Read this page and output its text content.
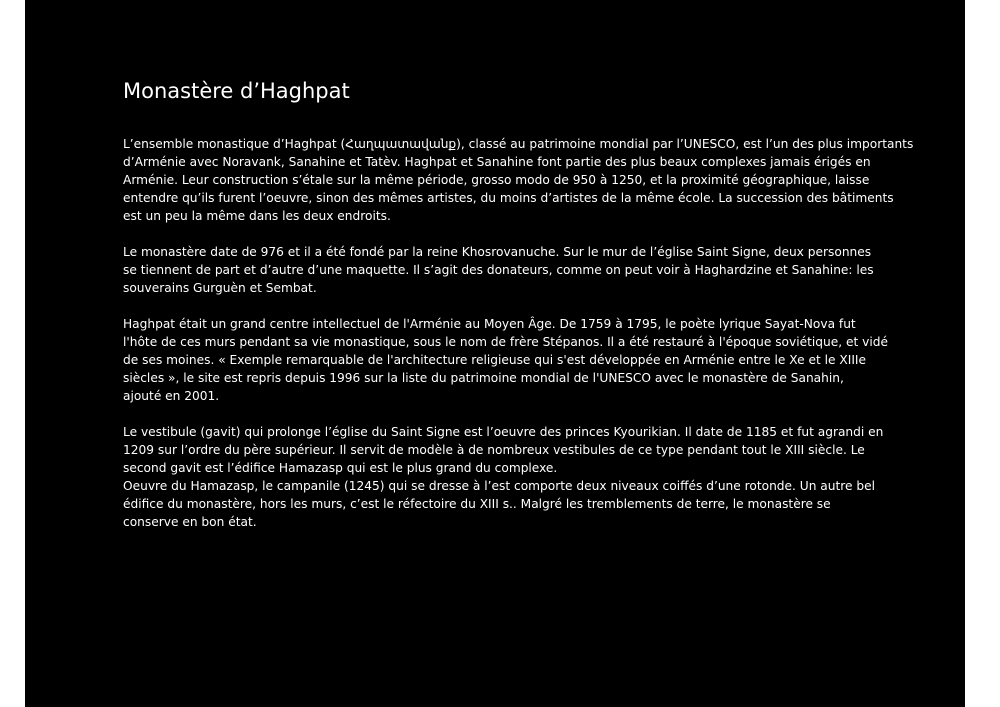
Monastère d’Haghpat
L’ensemble monastique d’Haghpat (Հաղպատավանք), classé au patrimoine mondial par l’UNESCO, est l’un des plus importants
d’Arménie avec Noravank, Sanahine et Tatèv. Haghpat et Sanahine font partie des plus beaux complexes jamais érigés en
Arménie. Leur construction s’étale sur la même période, grosso modo de 950 à 1250, et la proximité géographique, laisse
entendre qu’ils furent l’oeuvre, sinon des mêmes artistes, du moins d’artistes de la même école. La succession des bâtiments
est un peu la même dans les deux endroits.
Le monastère date de 976 et il a été fondé par la reine Khosrovanuche. Sur le mur de l’église Saint Signe, deux personnes
se tiennent de part et d’autre d’une maquette. Il s’agit des donateurs, comme on peut voir à Haghardzine et Sanahine: les
souverains Gurguèn et Sembat.
Haghpat était un grand centre intellectuel de l'Arménie au Moyen Âge. De 1759 à 1795, le poète lyrique Sayat-Nova fut
l'hôte de ces murs pendant sa vie monastique, sous le nom de frère Stépanos. Il a été restauré à l'époque soviétique, et vidé
de ses moines. « Exemple remarquable de l'architecture religieuse qui s'est développée en Arménie entre le Xe et le XIIIe
siècles », le site est repris depuis 1996 sur la liste du patrimoine mondial de l'UNESCO avec le monastère de Sanahin,
ajouté en 2001.
Le vestibule (gavit) qui prolonge l’église du Saint Signe est l’oeuvre des princes Kyourikian. Il date de 1185 et fut agrandi en
1209 sur l’ordre du père supérieur. Il servit de modèle à de nombreux vestibules de ce type pendant tout le XIII siècle. Le
second gavit est l’édifice Hamazasp qui est le plus grand du complexe.
Oeuvre du Hamazasp, le campanile (1245) qui se dresse à l’est comporte deux niveaux coiffés d’une rotonde. Un autre bel
édifice du monastère, hors les murs, c’est le réfectoire du XIII s.. Malgré les tremblements de terre, le monastère se
conserve en bon état.
